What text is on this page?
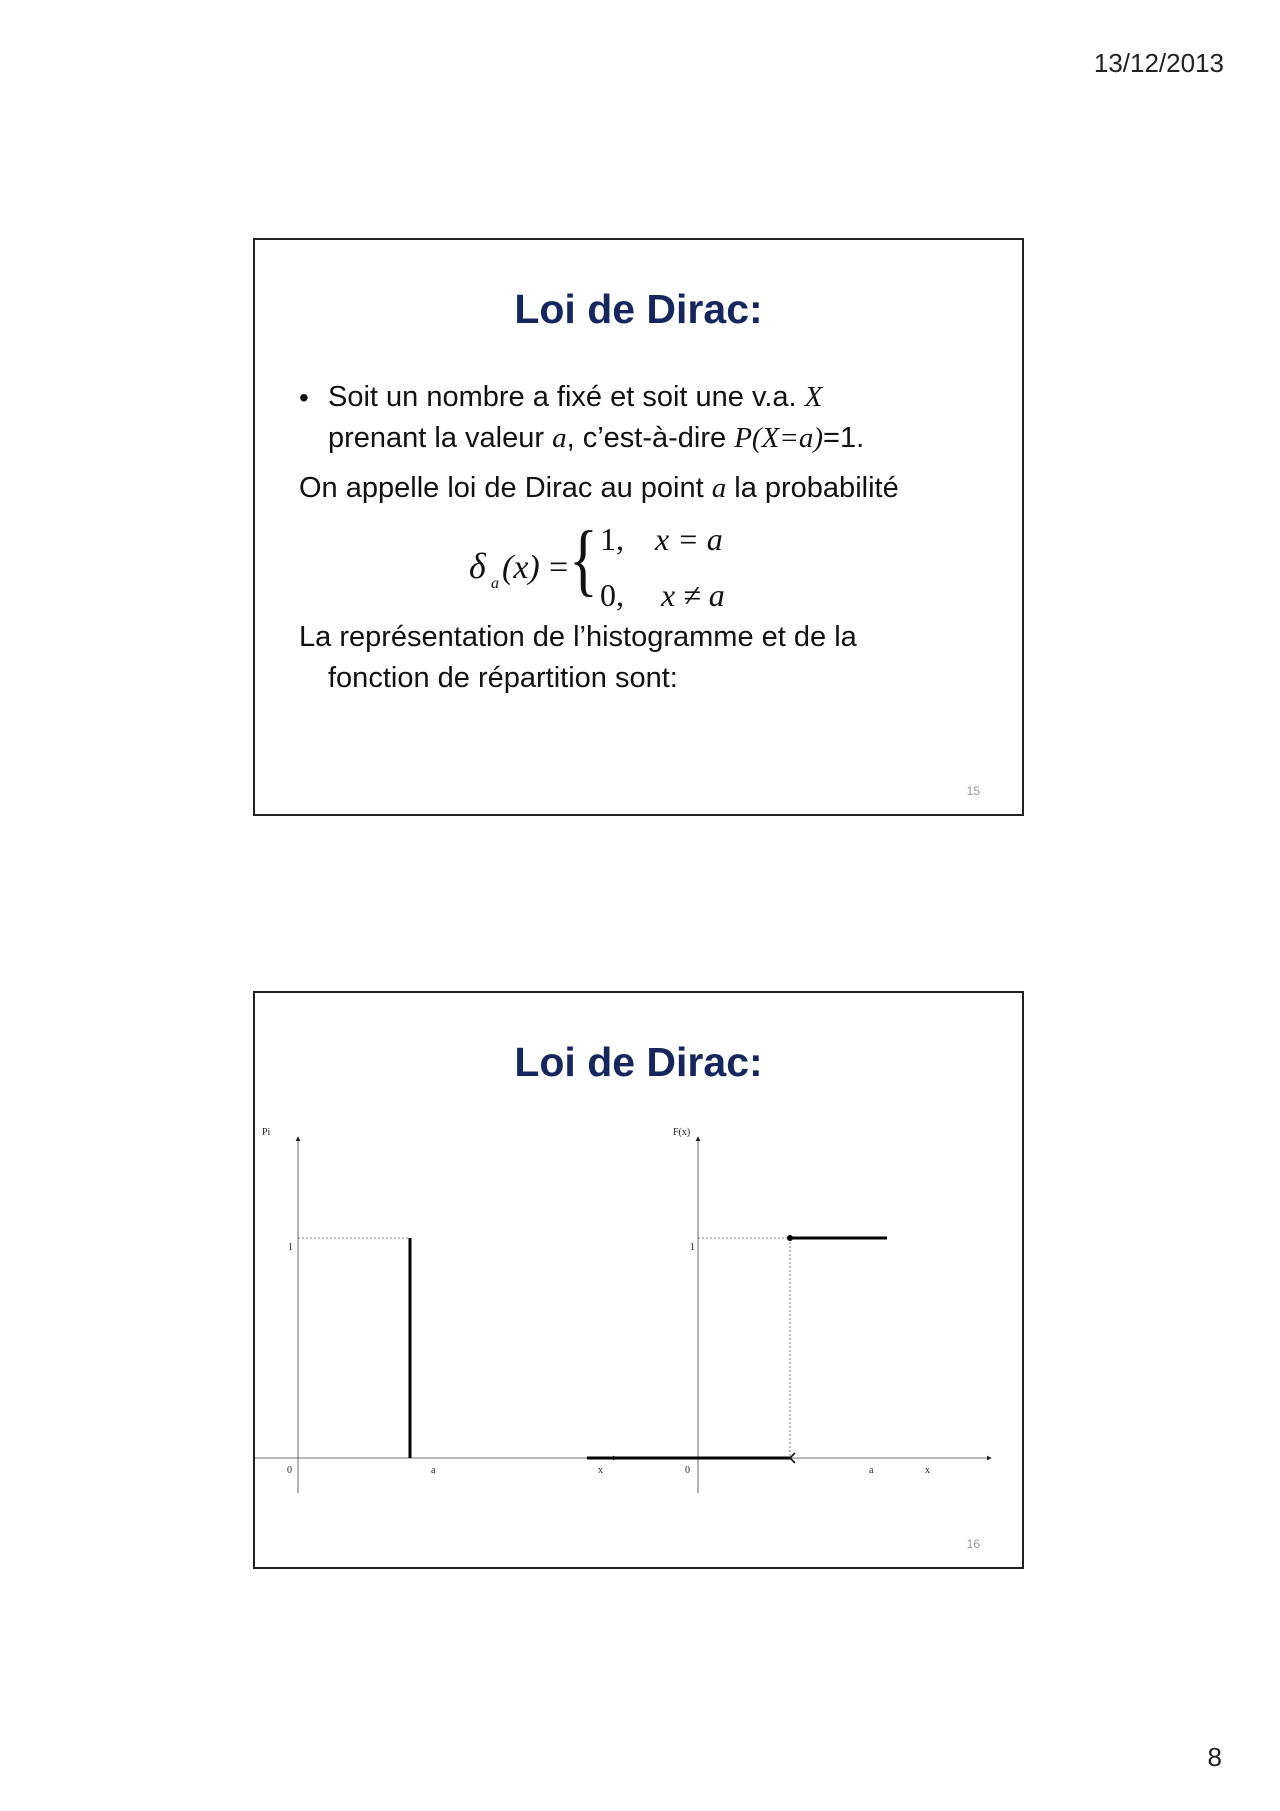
13/12/2013
Loi de Dirac:
• Soit un nombre a fixé et soit une v.a. X
prenant la valeur a, c’est-à-dire P(X=a)=1.
On appelle loi de Dirac au point a la probabilité
δ a (x) = { 1, x = a
0, x ≠ a
La représentation de l’histogramme et de la
fonction de répartition sont:
15
Loi de Dirac:
Pi
1
0	a	x
F(x)
1
0	a	x
16
8
